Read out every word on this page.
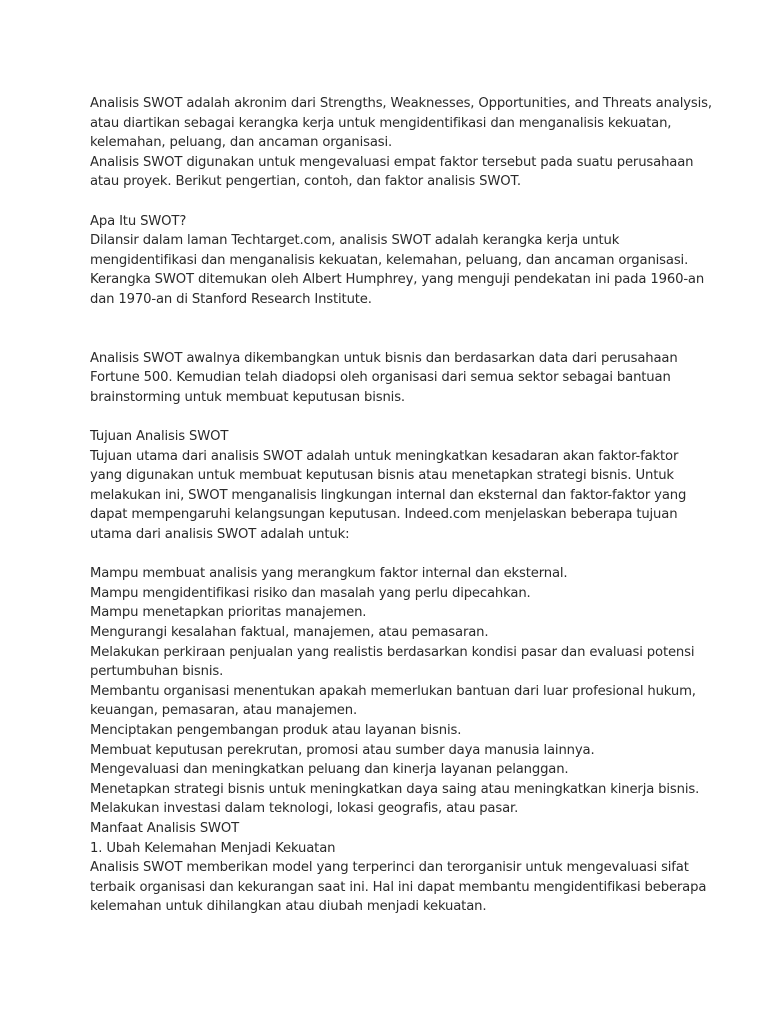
Analisis SWOT adalah akronim dari Strengths, Weaknesses, Opportunities, and Threats analysis,
atau diartikan sebagai kerangka kerja untuk mengidentifikasi dan menganalisis kekuatan,
kelemahan, peluang, dan ancaman organisasi.
Analisis SWOT digunakan untuk mengevaluasi empat faktor tersebut pada suatu perusahaan
atau proyek. Berikut pengertian, contoh, dan faktor analisis SWOT.
Apa Itu SWOT?
Dilansir dalam laman Techtarget.com, analisis SWOT adalah kerangka kerja untuk
mengidentifikasi dan menganalisis kekuatan, kelemahan, peluang, dan ancaman organisasi.
Kerangka SWOT ditemukan oleh Albert Humphrey, yang menguji pendekatan ini pada 1960-an
dan 1970-an di Stanford Research Institute.
Analisis SWOT awalnya dikembangkan untuk bisnis dan berdasarkan data dari perusahaan
Fortune 500. Kemudian telah diadopsi oleh organisasi dari semua sektor sebagai bantuan
brainstorming untuk membuat keputusan bisnis.
Tujuan Analisis SWOT
Tujuan utama dari analisis SWOT adalah untuk meningkatkan kesadaran akan faktor-faktor
yang digunakan untuk membuat keputusan bisnis atau menetapkan strategi bisnis. Untuk
melakukan ini, SWOT menganalisis lingkungan internal dan eksternal dan faktor-faktor yang
dapat mempengaruhi kelangsungan keputusan. Indeed.com menjelaskan beberapa tujuan
utama dari analisis SWOT adalah untuk:
Mampu membuat analisis yang merangkum faktor internal dan eksternal.
Mampu mengidentifikasi risiko dan masalah yang perlu dipecahkan.
Mampu menetapkan prioritas manajemen.
Mengurangi kesalahan faktual, manajemen, atau pemasaran.
Melakukan perkiraan penjualan yang realistis berdasarkan kondisi pasar dan evaluasi potensi
pertumbuhan bisnis.
Membantu organisasi menentukan apakah memerlukan bantuan dari luar profesional hukum,
keuangan, pemasaran, atau manajemen.
Menciptakan pengembangan produk atau layanan bisnis.
Membuat keputusan perekrutan, promosi atau sumber daya manusia lainnya.
Mengevaluasi dan meningkatkan peluang dan kinerja layanan pelanggan.
Menetapkan strategi bisnis untuk meningkatkan daya saing atau meningkatkan kinerja bisnis.
Melakukan investasi dalam teknologi, lokasi geografis, atau pasar.
Manfaat Analisis SWOT
1. Ubah Kelemahan Menjadi Kekuatan
Analisis SWOT memberikan model yang terperinci dan terorganisir untuk mengevaluasi sifat
terbaik organisasi dan kekurangan saat ini. Hal ini dapat membantu mengidentifikasi beberapa
kelemahan untuk dihilangkan atau diubah menjadi kekuatan.
